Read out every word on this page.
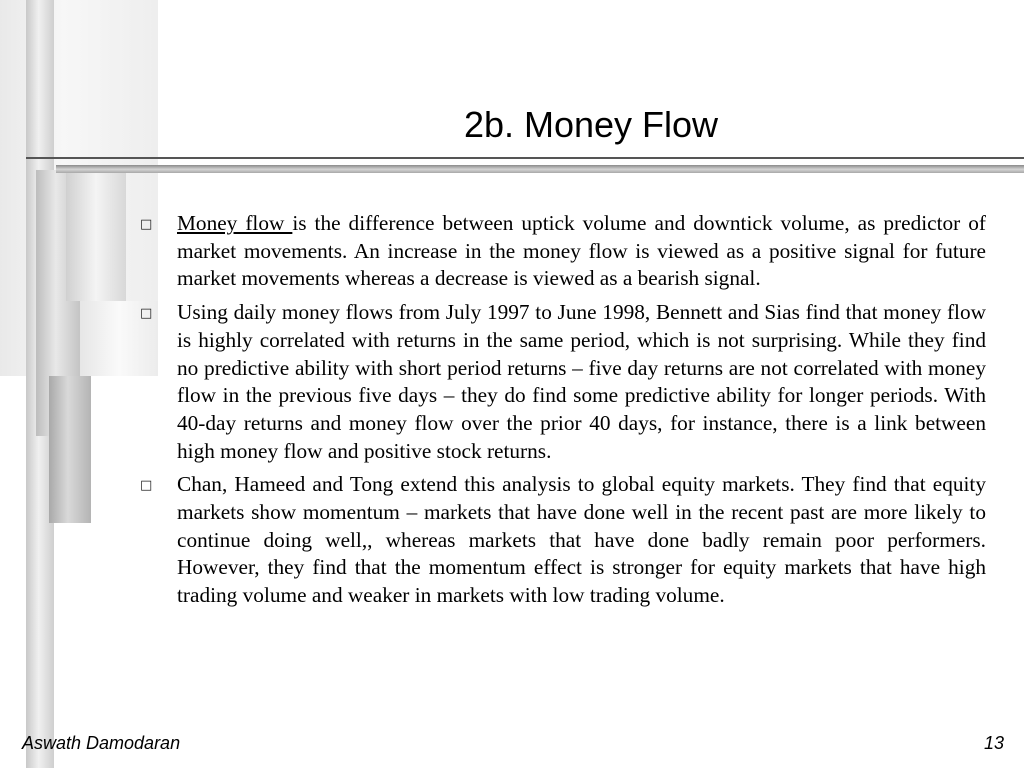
2b. Money Flow
□	Money flow is the difference between uptick volume and downtick volume, as predictor of market movements. An increase in the money flow is viewed as a positive signal for future market movements whereas a decrease is viewed as a bearish signal.
□	Using daily money flows from July 1997 to June 1998, Bennett and Sias find that money flow is highly correlated with returns in the same period, which is not surprising. While they find no predictive ability with short period returns – five day returns are not correlated with money flow in the previous five days – they do find some predictive ability for longer periods. With 40-day returns and money flow over the prior 40 days, for instance, there is a link between high money flow and positive stock returns.
□	Chan, Hameed and Tong extend this analysis to global equity markets. They find that equity markets show momentum – markets that have done well in the recent past are more likely to continue doing well,, whereas markets that have done badly remain poor performers. However, they find that the momentum effect is stronger for equity markets that have high trading volume and weaker in markets with low trading volume.
Aswath Damodaran	13
